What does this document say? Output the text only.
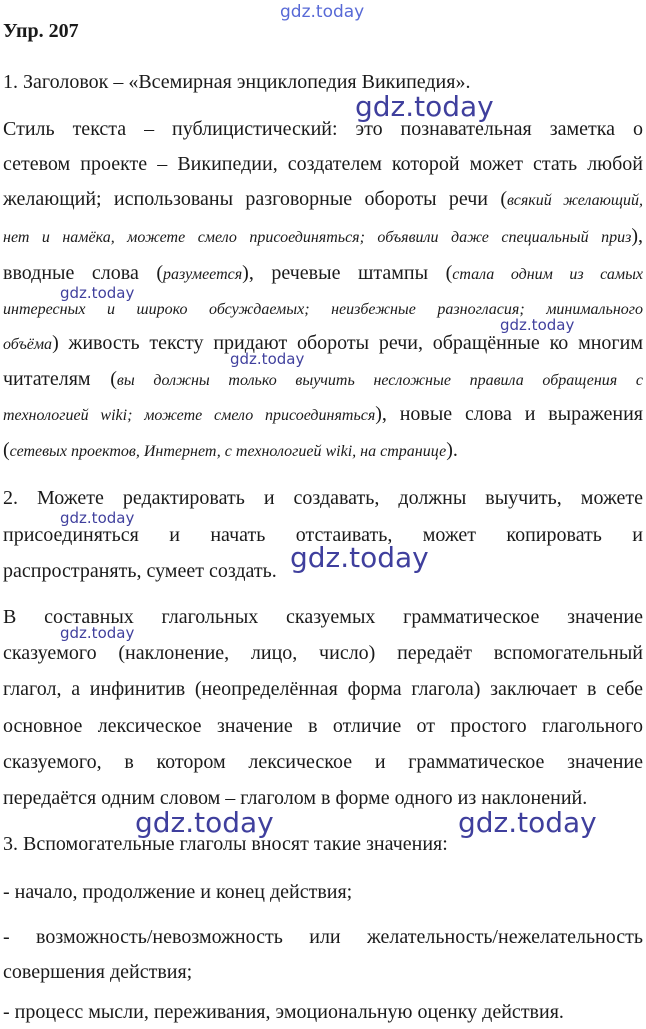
Упр. 207
1. Заголовок – «Всемирная энциклопедия Википедия».
Стиль текста – публицистический: это познавательная заметка о
сетевом проекте – Википедии, создателем которой может стать любой
желающий; использованы разговорные обороты речи (всякий желающий,
нет и намёка, можете смело присоединяться; объявили даже специальный приз),
вводные слова (разумеется), речевые штампы (стала одним из самых
интересных и широко обсуждаемых; неизбежные разногласия; минимального
объёма) живость тексту придают обороты речи, обращённые ко многим
читателям (вы должны только выучить несложные правила обращения с
технологией wiki; можете смело присоединяться), новые слова и выражения
(сетевых проектов, Интернет, с технологией wiki, на странице).
2. Можете редактировать и создавать, должны выучить, можете
присоединяться и начать отстаивать, может копировать и
распространять, сумеет создать.
В составных глагольных сказуемых грамматическое значение
сказуемого (наклонение, лицо, число) передаёт вспомогательный
глагол, а инфинитив (неопределённая форма глагола) заключает в себе
основное лексическое значение в отличие от простого глагольного
сказуемого, в котором лексическое и грамматическое значение
передаётся одним словом – глаголом в форме одного из наклонений.
3. Вспомогательные глаголы вносят такие значения:
- начало, продолжение и конец действия;
- возможность/невозможность или желательность/нежелательность
совершения действия;
- процесс мысли, переживания, эмоциональную оценку действия.
gdz.today
gdz.today
gdz.today
gdz.today
gdz.today
gdz.today
gdz.today
gdz.today
gdz.today	gdz.today
